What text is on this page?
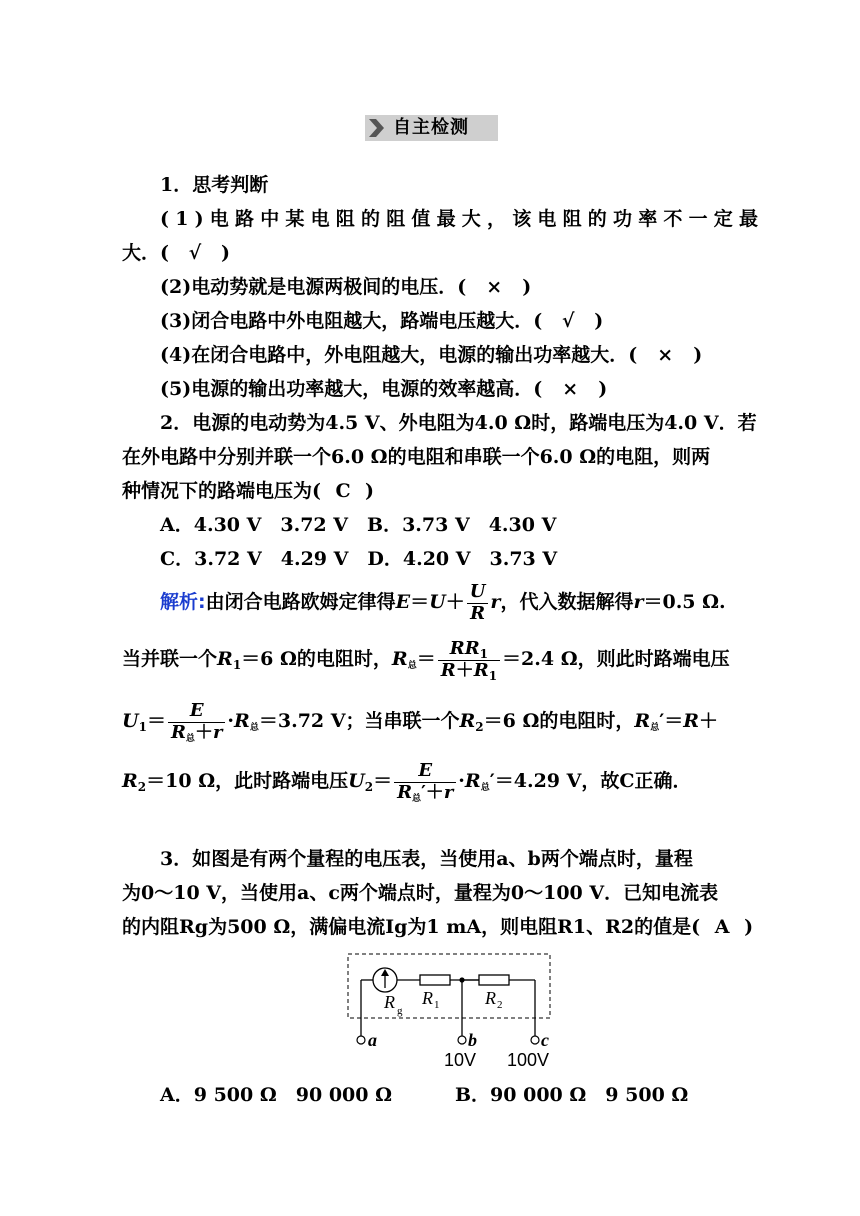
自主检测
1．思考判断
(1)电路中某电阻的阻值最大，该电阻的功率不一定最
大．( √ )
(2)电动势就是电源两极间的电压．( × )
(3)闭合电路中外电阻越大，路端电压越大．( √ )
(4)在闭合电路中，外电阻越大，电源的输出功率越大．( × )
(5)电源的输出功率越大，电源的效率越高．( × )
2．电源的电动势为4.5 V、外电阻为4.0 Ω时，路端电压为4.0 V．若
在外电路中分别并联一个6.0 Ω的电阻和串联一个6.0 Ω的电阻，则两
种情况下的路端电压为( C )
A．4.30 V　3.72 V　B．3.73 V　4.30 V
C．3.72 V　4.29 V　D．4.20 V　3.73 V
解析:由闭合电路欧姆定律得$E=U+ \frac{U}{R}$ r，代入数据解得r＝0.5 Ω.
当并联一个$R_1=6$ Ω的电阻时，R总＝ $\frac{RR_1}{R+R_1} =2.4$ Ω，则此时路端电压
$U_1= \frac{E}{\text{R总＋r}} \cdot R$总＝3.72 V；当串联一个$R_2=6$ Ω的电阻时，R总′＝R＋
$R_2=10$ Ω，此时路端电压$U_2= \frac{E}{\text{R总′＋r}} \cdot R$总′＝4.29 V，故C正确．
3．如图是有两个量程的电压表，当使用a、b两个端点时，量程
为0～10 V，当使用a、c两个端点时，量程为0～100 V．已知电流表
的内阻Rg为500 Ω，满偏电流Ig为1 mA，则电阻R1、R2的值是( A )
R g
R 1	R 2
a	b	c
10V 100V
A．9 500 Ω　90 000 Ω	B．90 000 Ω　9 500 Ω
